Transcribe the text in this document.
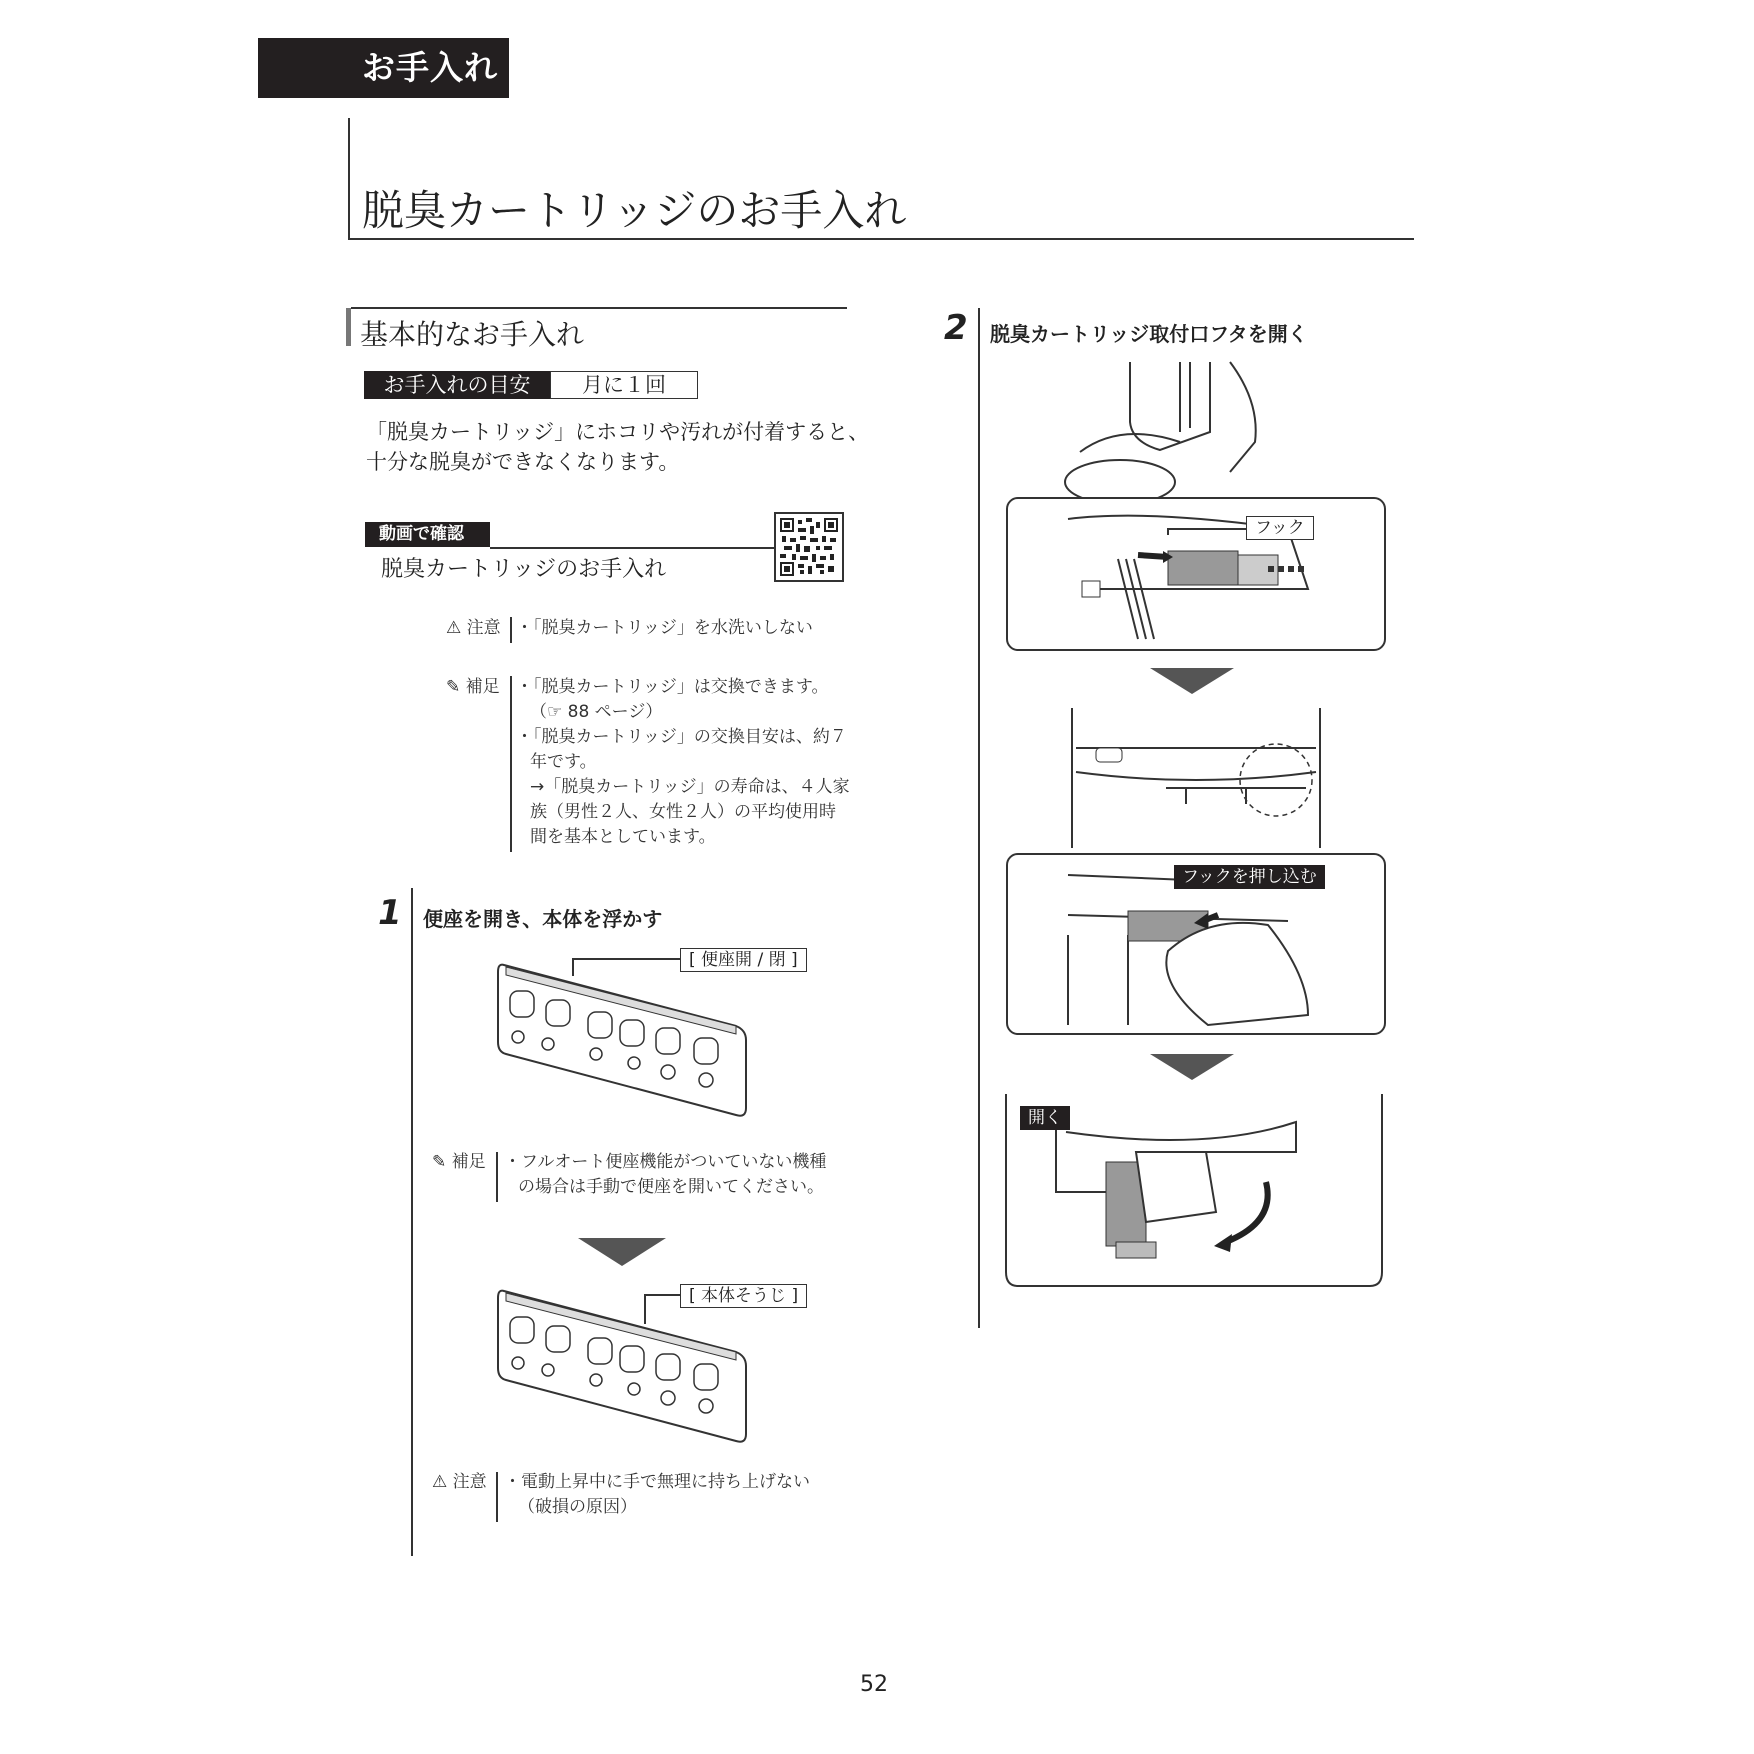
お手入れ
脱臭カートリッジのお手入れ
基本的なお手入れ
お手入れの目安	月に１回
「脱臭カートリッジ」にホコリや汚れが付着すると、
十分な脱臭ができなくなります。
動画で確認
脱臭カートリッジのお手入れ
⚠ 注意 ・「脱臭カートリッジ」を水洗いしない
✎ 補足 ・「脱臭カートリッジ」は交換できます。
（☞ 88 ページ）
・「脱臭カートリッジ」の交換目安は、約７
年です。
→「脱臭カートリッジ」の寿命は、４人家
族（男性２人、女性２人）の平均使用時
間を基本としています。
1 便座を開き、本体を浮かす
[ 便座開 / 閉 ]
✎ 補足 ・フルオート便座機能がついていない機種
の場合は手動で便座を開いてください。
[ 本体そうじ ]
⚠ 注意 ・電動上昇中に手で無理に持ち上げない
（破損の原因）
2 脱臭カートリッジ取付口フタを開く
フック
フックを押し込む
開く
52
